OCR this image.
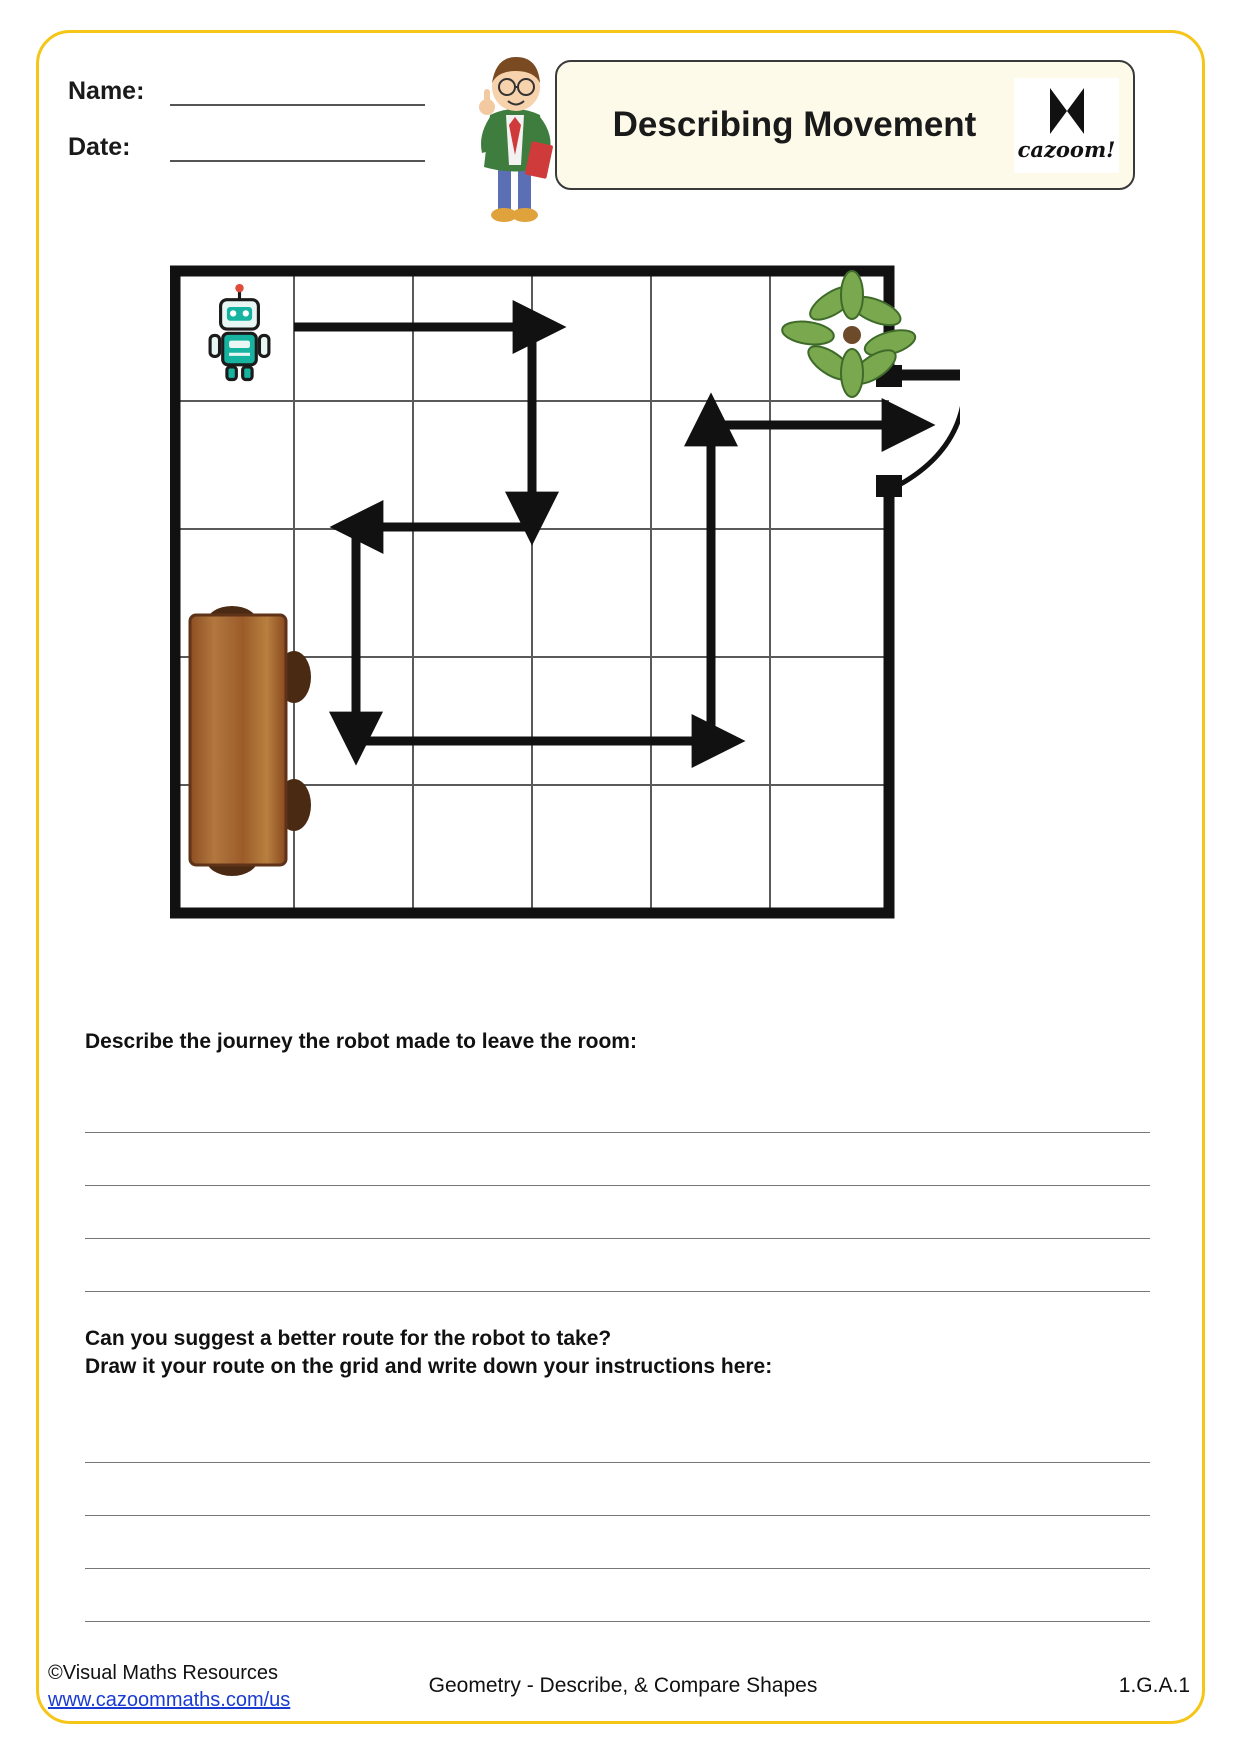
Name:
Date:
Describing Movement
cazoom!
Describe the journey the robot made to leave the room:
Can you suggest a better route for the robot to take?
Draw it your route on the grid and write down your instructions here:
©Visual Maths Resources
www.cazoommaths.com/us
Geometry - Describe, & Compare Shapes	1.G.A.1
